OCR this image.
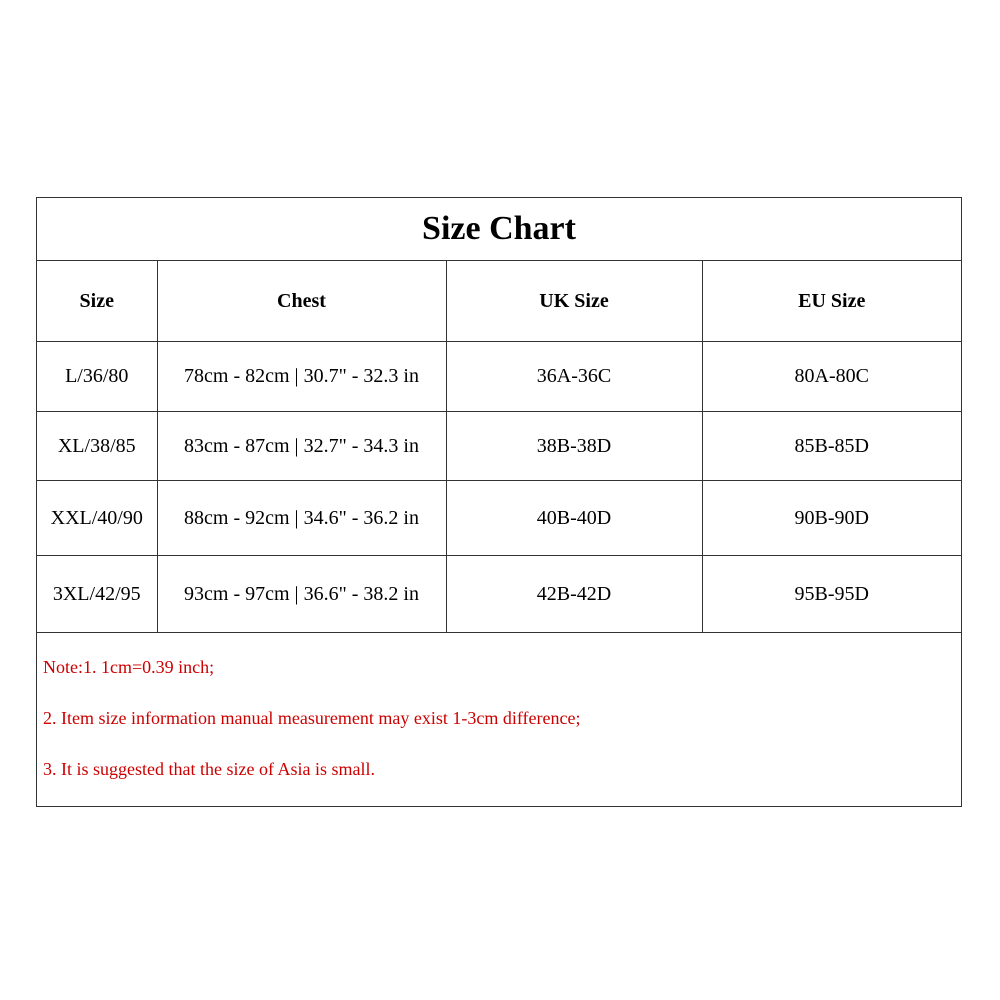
Size Chart
Size	Chest	UK Size	EU Size
L/36/80	78cm - 82cm | 30.7" - 32.3 in	36A-36C	80A-80C
XL/38/85	83cm - 87cm | 32.7" - 34.3 in	38B-38D	85B-85D
XXL/40/90	88cm - 92cm | 34.6" - 36.2 in	40B-40D	90B-90D
3XL/42/95	93cm - 97cm | 36.6" - 38.2 in	42B-42D	95B-95D
Note:1. 1cm=0.39 inch;
2. Item size information manual measurement may exist 1-3cm difference;
3. It is suggested that the size of Asia is small.
